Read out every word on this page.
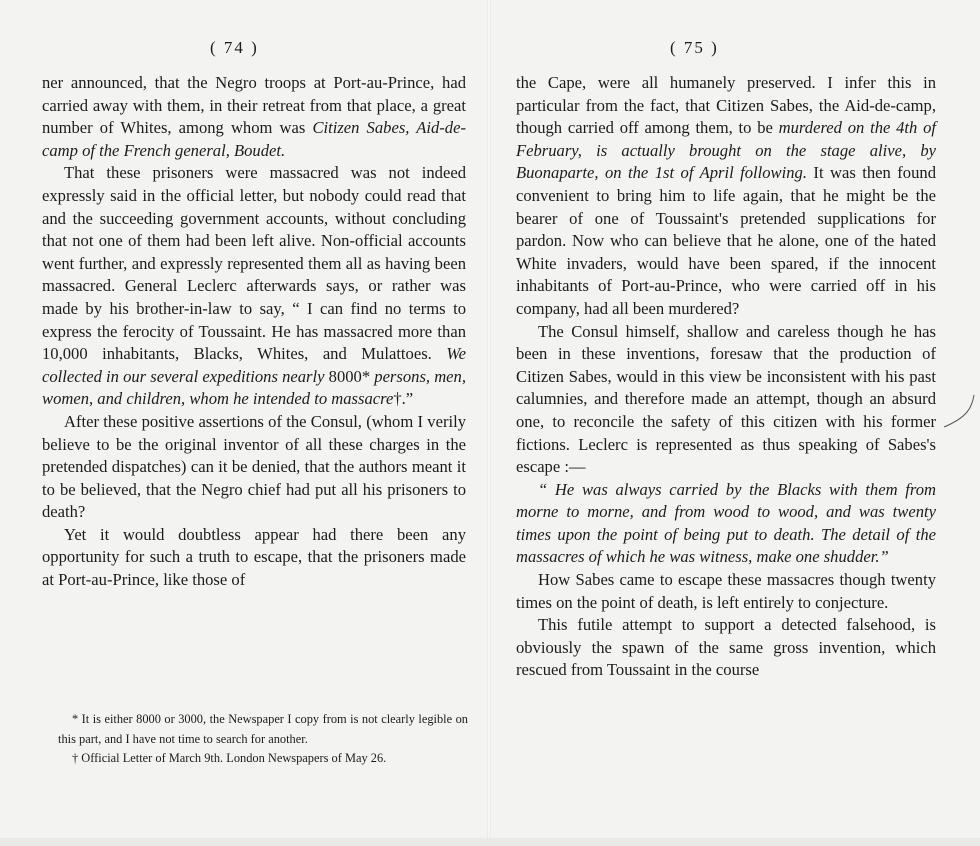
( 74 )

ner announced, that the Negro troops at Port-au-Prince, had carried away with them, in their retreat from that place, a great number of Whites, among whom was Citizen Sabes, Aid-de-camp of the French general, Boudet.

That these prisoners were massacred was not indeed expressly said in the official letter, but nobody could read that and the succeeding government accounts, without concluding that not one of them had been left alive. Non-official accounts went further, and expressly represented them all as having been massacred. General Leclerc afterwards says, or rather was made by his brother-in-law to say, “ I can find no terms to express the ferocity of Toussaint. He has massacred more than 10,000 inhabitants, Blacks, Whites, and Mulattoes. We collected in our several expeditions nearly 8000* persons, men, women, and children, whom he intended to massacre†.”

After these positive assertions of the Consul, (whom I verily believe to be the original inventor of all these charges in the pretended dispatches) can it be denied, that the authors meant it to be believed, that the Negro chief had put all his prisoners to death?

Yet it would doubtless appear had there been any opportunity for such a truth to escape, that the prisoners made at Port-au-Prince, like those of

* It is either 8000 or 3000, the Newspaper I copy from is not clearly legible on this part, and I have not time to search for another.

† Official Letter of March 9th. London Newspapers of May 26.

( 75 )

the Cape, were all humanely preserved. I infer this in particular from the fact, that Citizen Sabes, the Aid-de-camp, though carried off among them, to be murdered on the 4th of February, is actually brought on the stage alive, by Buonaparte, on the 1st of April following. It was then found convenient to bring him to life again, that he might be the bearer of one of Toussaint's pretended supplications for pardon. Now who can believe that he alone, one of the hated White invaders, would have been spared, if the innocent inhabitants of Port-au-Prince, who were carried off in his company, had all been murdered?

The Consul himself, shallow and careless though he has been in these inventions, foresaw that the production of Citizen Sabes, would in this view be inconsistent with his past calumnies, and therefore made an attempt, though an absurd one, to reconcile the safety of this citizen with his former fictions. Leclerc is represented as thus speaking of Sabes's escape :—

“ He was always carried by the Blacks with them from morne to morne, and from wood to wood, and was twenty times upon the point of being put to death. The detail of the massacres of which he was witness, make one shudder.”

How Sabes came to escape these massacres though twenty times on the point of death, is left entirely to conjecture.

This futile attempt to support a detected falsehood, is obviously the spawn of the same gross invention, which rescued from Toussaint in the course
